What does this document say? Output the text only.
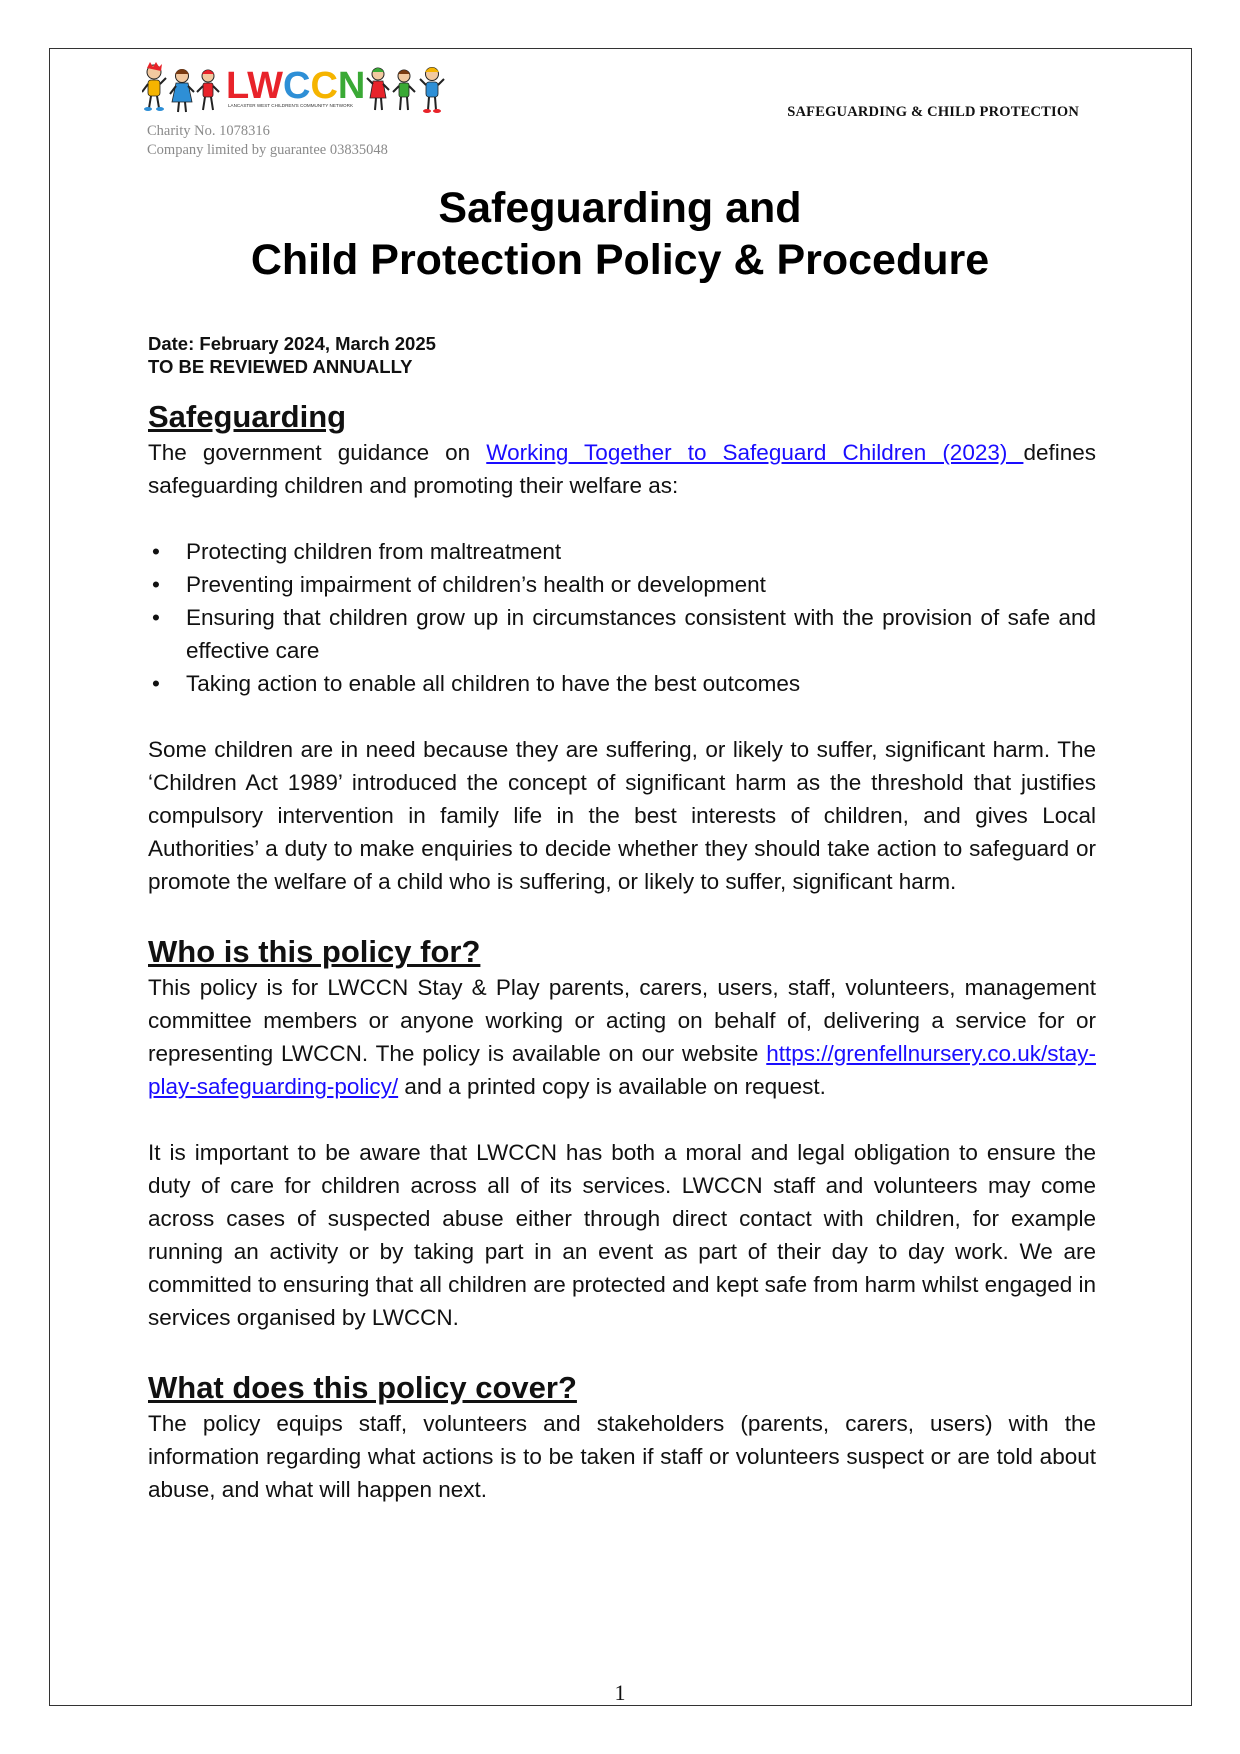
LWCCN
LANCASTER WEST CHILDREN'S COMMUNITY NETWORK
Charity No. 1078316
Company limited by guarantee 03835048
SAFEGUARDING & CHILD PROTECTION
Safeguarding and
Child Protection Policy & Procedure
Date: February 2024, March 2025
TO BE REVIEWED ANNUALLY
Safeguarding

The government guidance on Working Together to Safeguard Children (2023) defines safeguarding children and promoting their welfare as:

• Protecting children from maltreatment
• Preventing impairment of children’s health or development
• Ensuring that children grow up in circumstances consistent with the provision of safe and effective care
• Taking action to enable all children to have the best outcomes

Some children are in need because they are suffering, or likely to suffer, significant harm. The ‘Children Act 1989’ introduced the concept of significant harm as the threshold that justifies compulsory intervention in family life in the best interests of children, and gives Local Authorities’ a duty to make enquiries to decide whether they should take action to safeguard or promote the welfare of a child who is suffering, or likely to suffer, significant harm.

Who is this policy for?

This policy is for LWCCN Stay & Play parents, carers, users, staff, volunteers, management committee members or anyone working or acting on behalf of, delivering a service for or representing LWCCN. The policy is available on our website https://grenfellnursery.co.uk/stay-play-safeguarding-policy/ and a printed copy is available on request.

It is important to be aware that LWCCN has both a moral and legal obligation to ensure the duty of care for children across all of its services. LWCCN staff and volunteers may come across cases of suspected abuse either through direct contact with children, for example running an activity or by taking part in an event as part of their day to day work. We are committed to ensuring that all children are protected and kept safe from harm whilst engaged in services organised by LWCCN.

What does this policy cover?

The policy equips staff, volunteers and stakeholders (parents, carers, users) with the information regarding what actions is to be taken if staff or volunteers suspect or are told about abuse, and what will happen next.

1
